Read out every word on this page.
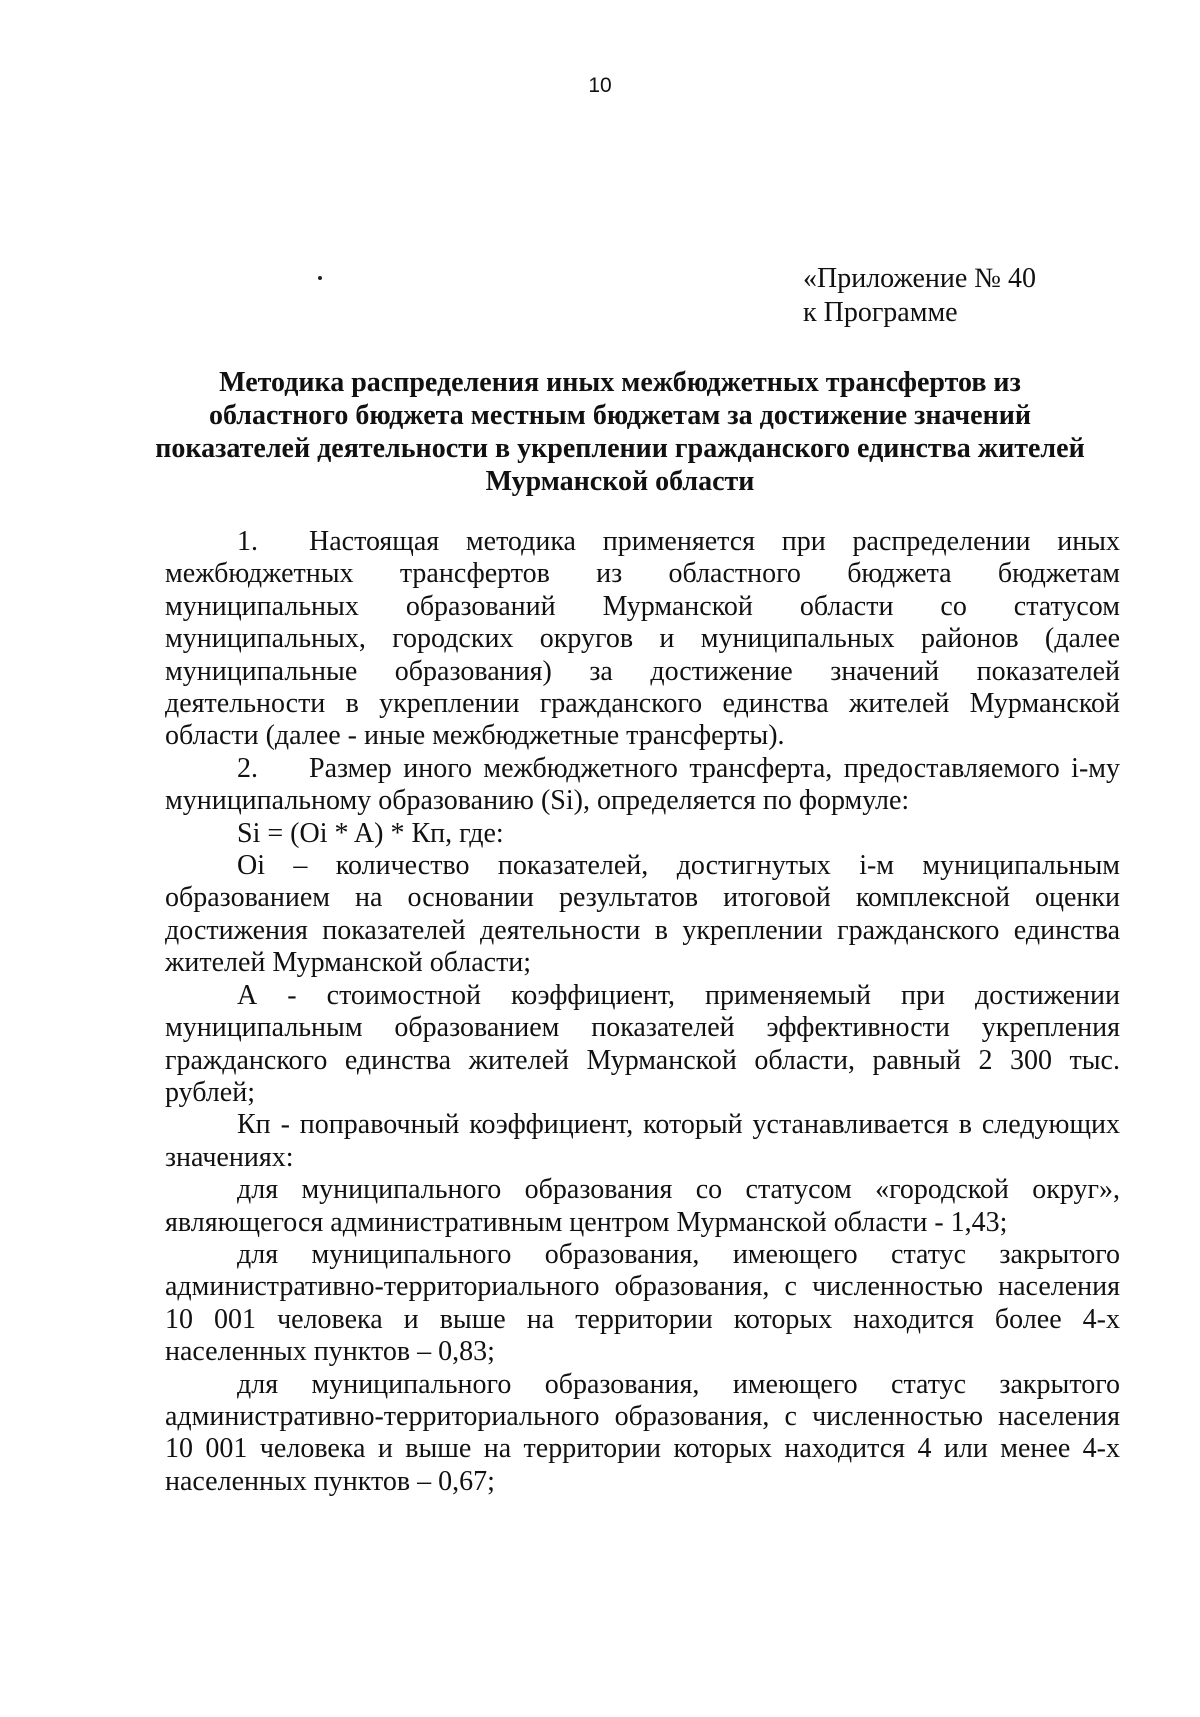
10
«Приложение № 40
к Программе
Методика распределения иных межбюджетных трансфертов из
областного бюджета местным бюджетам за достижение значений
показателей деятельности в укреплении гражданского единства жителей
Мурманской области

1. Настоящая методика применяется при распределении иных межбюджетных трансфертов из областного бюджета бюджетам муниципальных образований Мурманской области со статусом муниципальных, городских округов и муниципальных районов (далее муниципальные образования) за достижение значений показателей деятельности в укреплении гражданского единства жителей Мурманской области (далее - иные межбюджетные трансферты).

2. Размер иного межбюджетного трансферта, предоставляемого i-му муниципальному образованию (Si), определяется по формуле:

Si = (Oi * A) * Кп, где:

Oi – количество показателей, достигнутых i-м муниципальным образованием на основании результатов итоговой комплексной оценки достижения показателей деятельности в укреплении гражданского единства жителей Мурманской области;

А - стоимостной коэффициент, применяемый при достижении муниципальным образованием показателей эффективности укрепления гражданского единства жителей Мурманской области, равный 2 300 тыс. рублей;

Кп - поправочный коэффициент, который устанавливается в следующих значениях:

для муниципального образования со статусом «городской округ», являющегося административным центром Мурманской области - 1,43;

для муниципального образования, имеющего статус закрытого административно-территориального образования, с численностью населения 10 001 человека и выше на территории которых находится более 4-х населенных пунктов – 0,83;

для муниципального образования, имеющего статус закрытого административно-территориального образования, с численностью населения 10 001 человека и выше на территории которых находится 4 или менее 4-х населенных пунктов – 0,67;
